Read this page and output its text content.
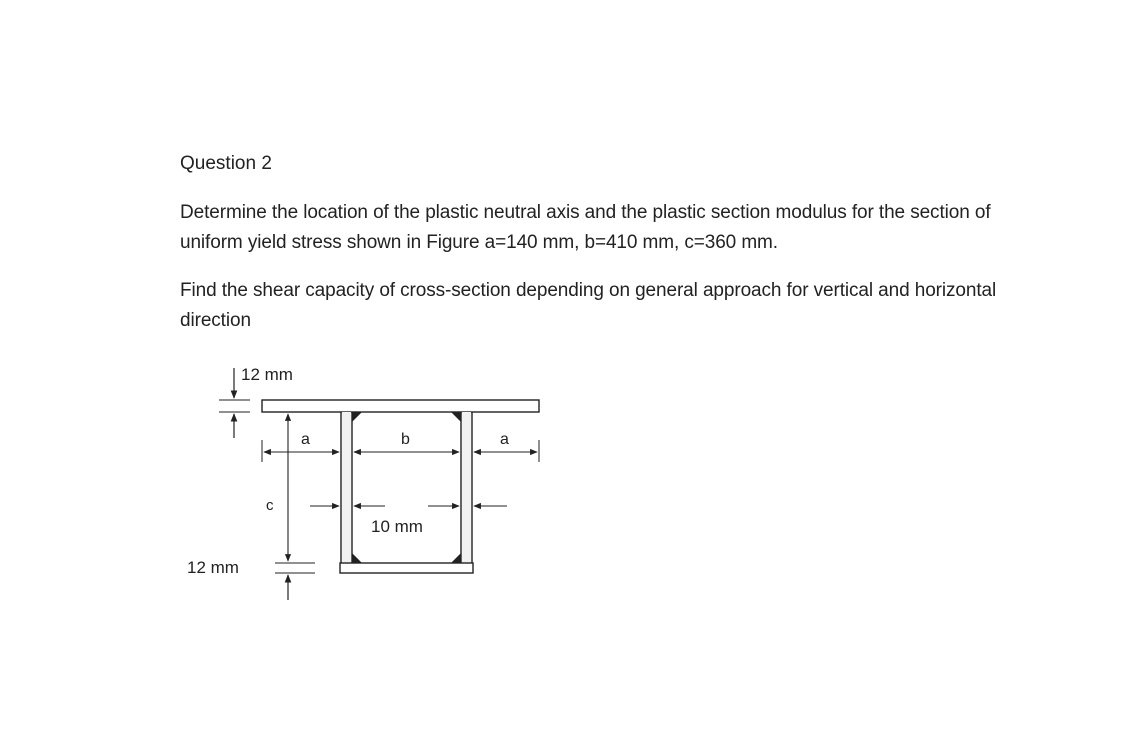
Question 2
Determine the location of the plastic neutral axis and the plastic section modulus for the section of
uniform yield stress shown in Figure a=140 mm, b=410 mm, c=360 mm.
Find the shear capacity of cross-section depending on general approach for vertical and horizontal
direction
12 mm
a	b	a
c
10 mm
12 mm
